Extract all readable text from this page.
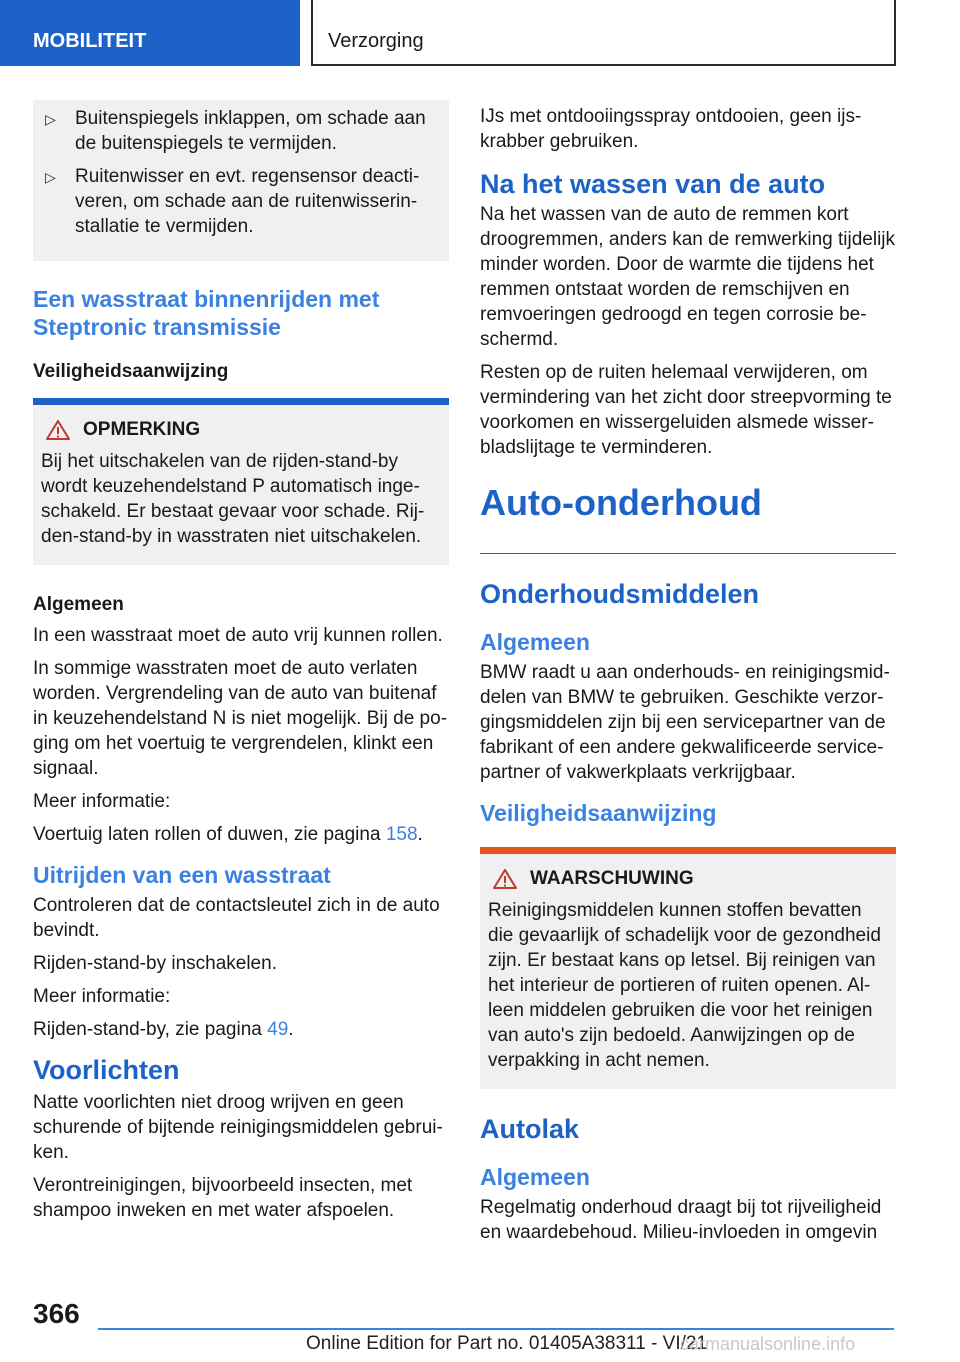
MOBILITEIT	Verzorging
▷	Buitenspiegels inklappen, om schade aan de buitenspiegels te vermijden.
▷	Ruitenwisser en evt. regensensor deactiveren, om schade aan de ruitenwisserinstallatie te vermijden.
Een wasstraat binnenrijden met Steptronic transmissie
Veiligheidsaanwijzing
OPMERKING
Bij het uitschakelen van de rijden-stand-by wordt keuzehendelstand P automatisch ingeschakeld. Er bestaat gevaar voor schade. Rijden-stand-by in wasstraten niet uitschakelen.
Algemeen

In een wasstraat moet de auto vrij kunnen rollen.

In sommige wasstraten moet de auto verlaten worden. Vergrendeling van de auto van buitenaf in keuzehendelstand N is niet mogelijk. Bij de poging om het voertuig te vergrendelen, klinkt een signaal.

Meer informatie:

Voertuig laten rollen of duwen, zie pagina 158.

Uitrijden van een wasstraat

Controleren dat de contactsleutel zich in de auto bevindt.

Rijden-stand-by inschakelen.

Meer informatie:

Rijden-stand-by, zie pagina 49.

Voorlichten

Natte voorlichten niet droog wrijven en geen schurende of bijtende reinigingsmiddelen gebruiken.

Verontreinigingen, bijvoorbeeld insecten, met shampoo inweken en met water afspoelen.

IJs met ontdooiingsspray ontdooien, geen ijskrabber gebruiken.

Na het wassen van de auto

Na het wassen van de auto de remmen kort droogremmen, anders kan de remwerking tijdelijk minder worden. Door de warmte die tijdens het remmen ontstaat worden de remschijven en remvoeringen gedroogd en tegen corrosie beschermd.

Resten op de ruiten helemaal verwijderen, om vermindering van het zicht door streepvorming te voorkomen en wissergeluiden alsmede wisserbladslijtage te verminderen.

Auto-onderhoud
Onderhoudsmiddelen
Algemeen

BMW raadt u aan onderhouds- en reinigingsmiddelen van BMW te gebruiken. Geschikte verzorgingsmiddelen zijn bij een servicepartner van de fabrikant of een andere gekwalificeerde servicepartner of vakwerkplaats verkrijgbaar.

Veiligheidsaanwijzing
WAARSCHUWING
Reinigingsmiddelen kunnen stoffen bevatten die gevaarlijk of schadelijk voor de gezondheid zijn. Er bestaat kans op letsel. Bij reinigen van het interieur de portieren of ruiten openen. Alleen middelen gebruiken die voor het reinigen van auto's zijn bedoeld. Aanwijzingen op de verpakking in acht nemen.
Autolak
Algemeen

Regelmatig onderhoud draagt bij tot rijveiligheid en waardebehoud. Milieu-invloeden in omgevin

366
Online Edition for Part no. 01405A38311 - VI/21
carmanualsonline.info
